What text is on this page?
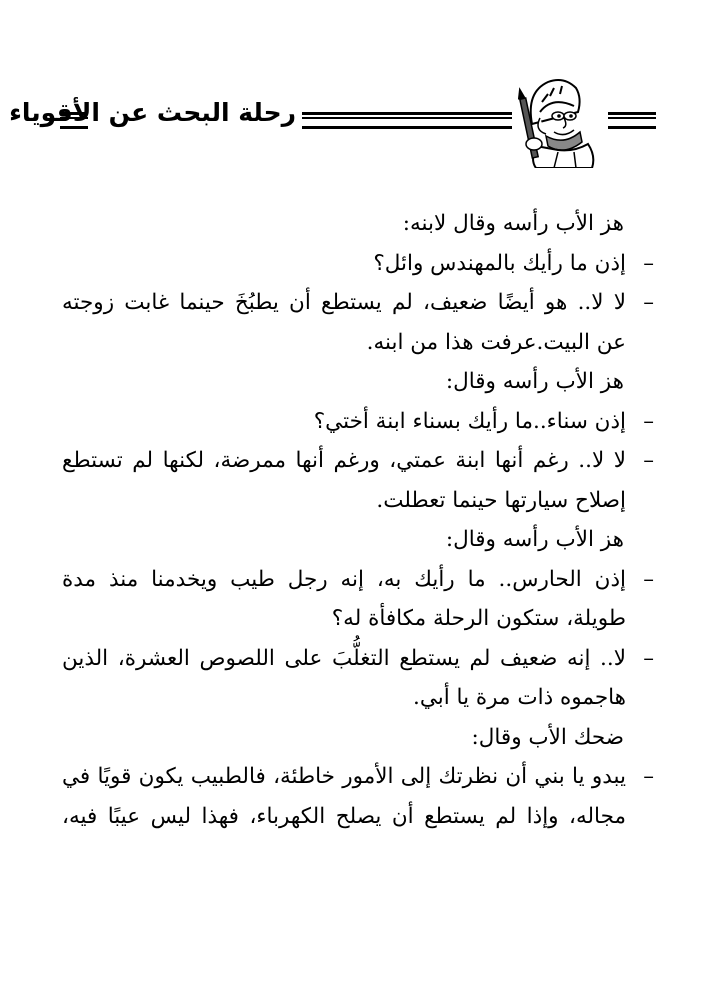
رحلة البحث عن الأقوياء
هز الأب رأسه وقال لابنه:
–
إذن ما رأيك بالمهندس وائل؟
–
لا لا.. هو أيضًا ضعيف، لم يستطع أن يطبُخَ حينما غابت زوجته
عن البيت.عرفت هذا من ابنه.
هز الأب رأسه وقال:
–
إذن سناء..ما رأيك بسناء ابنة أختي؟
–
لا لا.. رغم أنها ابنة عمتي، ورغم أنها ممرضة، لكنها لم تستطع
إصلاح سيارتها حينما تعطلت.
هز الأب رأسه وقال:
–
إذن الحارس.. ما رأيك به، إنه رجل طيب ويخدمنا منذ مدة
طويلة، ستكون الرحلة مكافأة له؟
–
لا.. إنه ضعيف لم يستطع التغلُّبَ على اللصوص العشرة، الذين
هاجموه ذات مرة يا أبي.
ضحك الأب وقال:
–
يبدو يا بني أن نظرتك إلى الأمور خاطئة، فالطبيب يكون قويًا في
مجاله، وإذا لم يستطع أن يصلح الكهرباء، فهذا ليس عيبًا فيه،
